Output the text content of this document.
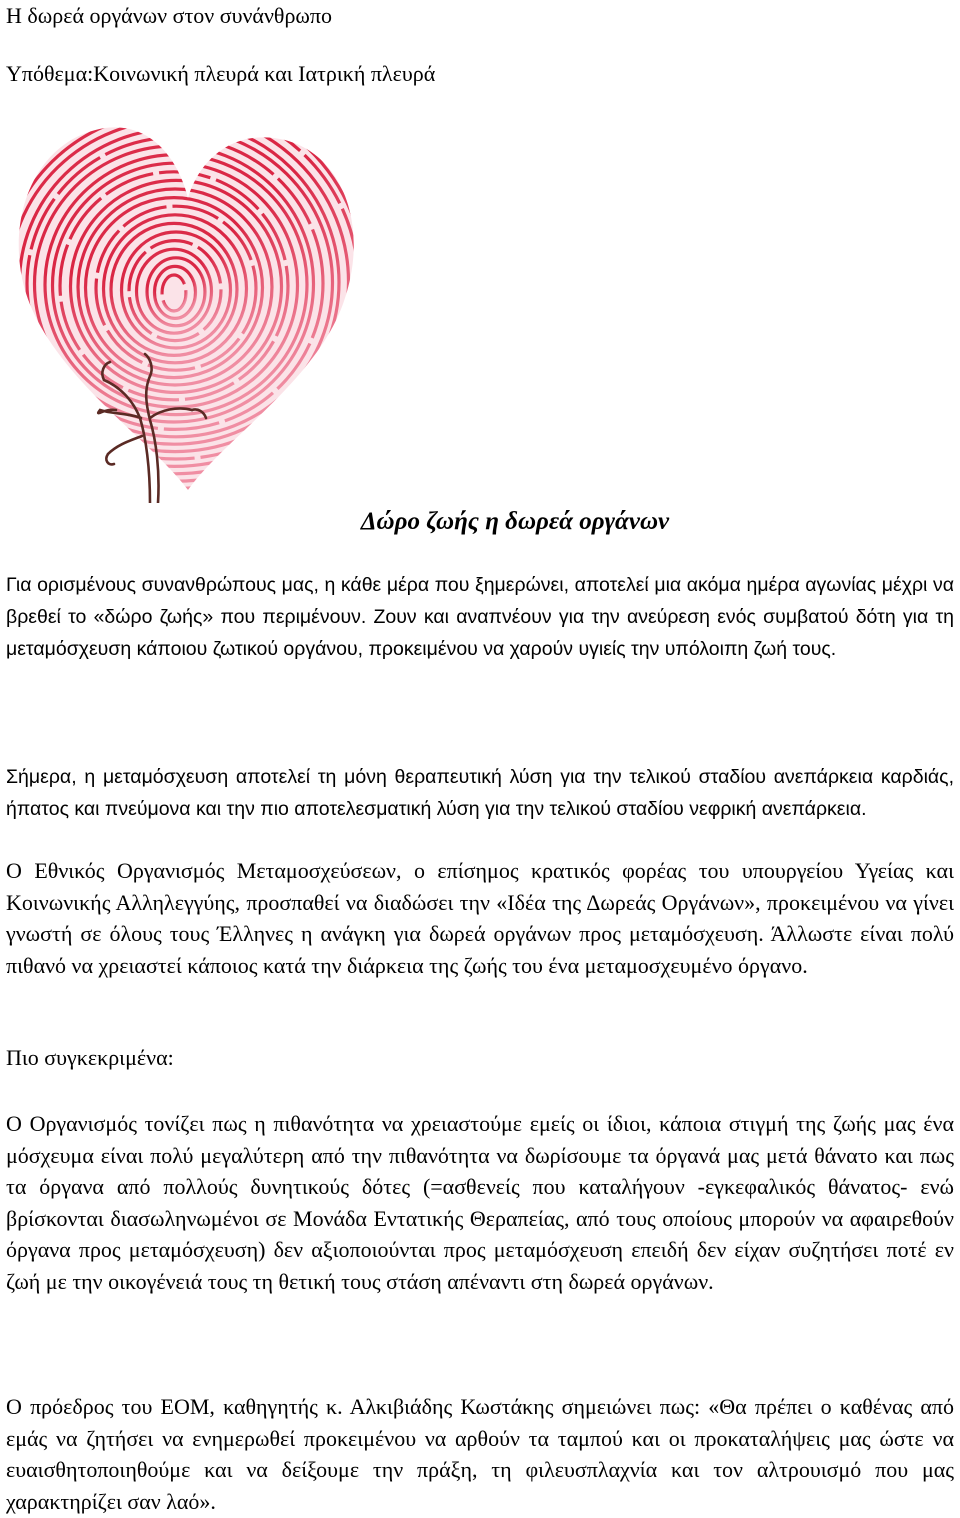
Η δωρεά οργάνων στον συνάνθρωπο
Υπόθεμα:Κοινωνική πλευρά και Ιατρική πλευρά
Δώρο ζωής η δωρεά οργάνων

Για ορισμένους συνανθρώπους μας, η κάθε μέρα που ξημερώνει, αποτελεί μια ακόμα ημέρα αγωνίας μέχρι να βρεθεί το «δώρο ζωής» που περιμένουν. Ζουν και αναπνέουν για την ανεύρεση ενός συμβατού δότη για τη μεταμόσχευση κάποιου ζωτικού οργάνου, προκειμένου να χαρούν υγιείς την υπόλοιπη ζωή τους.

Σήμερα, η μεταμόσχευση αποτελεί τη μόνη θεραπευτική λύση για την τελικού σταδίου ανεπάρκεια καρδιάς, ήπατος και πνεύμονα και την πιο αποτελεσματική λύση για την τελικού σταδίου νεφρική ανεπάρκεια.

Ο Εθνικός Οργανισμός Μεταμοσχεύσεων, ο επίσημος κρατικός φορέας του υπουργείου Υγείας και Κοινωνικής Αλληλεγγύης, προσπαθεί να διαδώσει την «Ιδέα της Δωρεάς Οργάνων», προκειμένου να γίνει γνωστή σε όλους τους Έλληνες η ανάγκη για δωρεά οργάνων προς μεταμόσχευση. Άλλωστε είναι πολύ πιθανό να χρειαστεί κάποιος κατά την διάρκεια της ζωής του ένα μεταμοσχευμένο όργανο.

Πιο συγκεκριμένα:

Ο Οργανισμός τονίζει πως η πιθανότητα να χρειαστούμε εμείς οι ίδιοι, κάποια στιγμή της ζωής μας ένα μόσχευμα είναι πολύ μεγαλύτερη από την πιθανότητα να δωρίσουμε τα όργανά μας μετά θάνατο και πως τα όργανα από πολλούς δυνητικούς δότες (=ασθενείς που καταλήγουν -εγκεφαλικός θάνατος- ενώ βρίσκονται διασωληνωμένοι σε Μονάδα Εντατικής Θεραπείας, από τους οποίους μπορούν να αφαιρεθούν όργανα προς μεταμόσχευση) δεν αξιοποιούνται προς μεταμόσχευση επειδή δεν είχαν συζητήσει ποτέ εν ζωή με την οικογένειά τους τη θετική τους στάση απέναντι στη δωρεά οργάνων.

Ο πρόεδρος του ΕΟΜ, καθηγητής κ. Αλκιβιάδης Κωστάκης σημειώνει πως: «Θα πρέπει ο καθένας από εμάς να ζητήσει να ενημερωθεί προκειμένου να αρθούν τα ταμπού και οι προκαταλήψεις μας ώστε να ευαισθητοποιηθούμε και να δείξουμε την πράξη, τη φιλευσπλαχνία και τον αλτρουισμό που μας χαρακτηρίζει σαν λαό».
